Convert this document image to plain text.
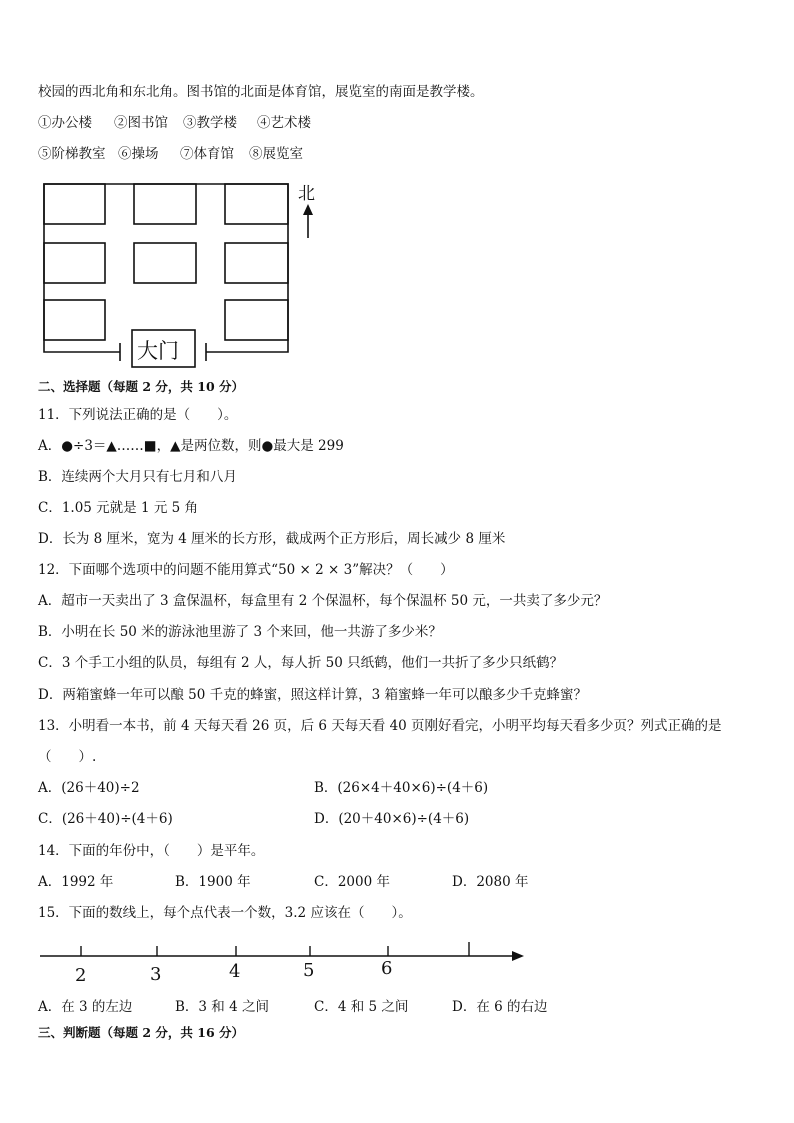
校园的西北角和东北角。图书馆的北面是体育馆，展览室的南面是教学楼。
①办公楼 ②图书馆 ③教学楼 ④艺术楼
⑤阶梯教室 ⑥操场 ⑦体育馆 ⑧展览室
北
大门
二、选择题（每题 2 分，共 10 分）
11．下列说法正确的是（　　）。
A．●÷3＝▲……■，▲是两位数，则●最大是 299
B．连续两个大月只有七月和八月
C．1.05 元就是 1 元 5 角
D．长为 8 厘米，宽为 4 厘米的长方形，截成两个正方形后，周长减少 8 厘米
12．下面哪个选项中的问题不能用算式“50 × 2 × 3”解决？（　　）
A．超市一天卖出了 3 盒保温杯，每盒里有 2 个保温杯，每个保温杯 50 元，一共卖了多少元？
B．小明在长 50 米的游泳池里游了 3 个来回，他一共游了多少米？
C．3 个手工小组的队员，每组有 2 人，每人折 50 只纸鹤，他们一共折了多少只纸鹤？
D．两箱蜜蜂一年可以酿 50 千克的蜂蜜，照这样计算，3 箱蜜蜂一年可以酿多少千克蜂蜜？
13．小明看一本书，前 4 天每天看 26 页，后 6 天每天看 40 页刚好看完，小明平均每天看多少页？列式正确的是
（　　）.
A．(26＋40)÷2	B．(26×4＋40×6)÷(4＋6)
C．(26＋40)÷(4＋6)	D．(20＋40×6)÷(4＋6)
14．下面的年份中，（　　）是平年。
A．1992 年	B．1900 年	C．2000 年	D．2080 年
15．下面的数线上，每个点代表一个数，3.2 应该在（　　）。
2	3	4	5	6
A．在 3 的左边	B．3 和 4 之间	C．4 和 5 之间	D．在 6 的右边
三、判断题（每题 2 分，共 16 分）
